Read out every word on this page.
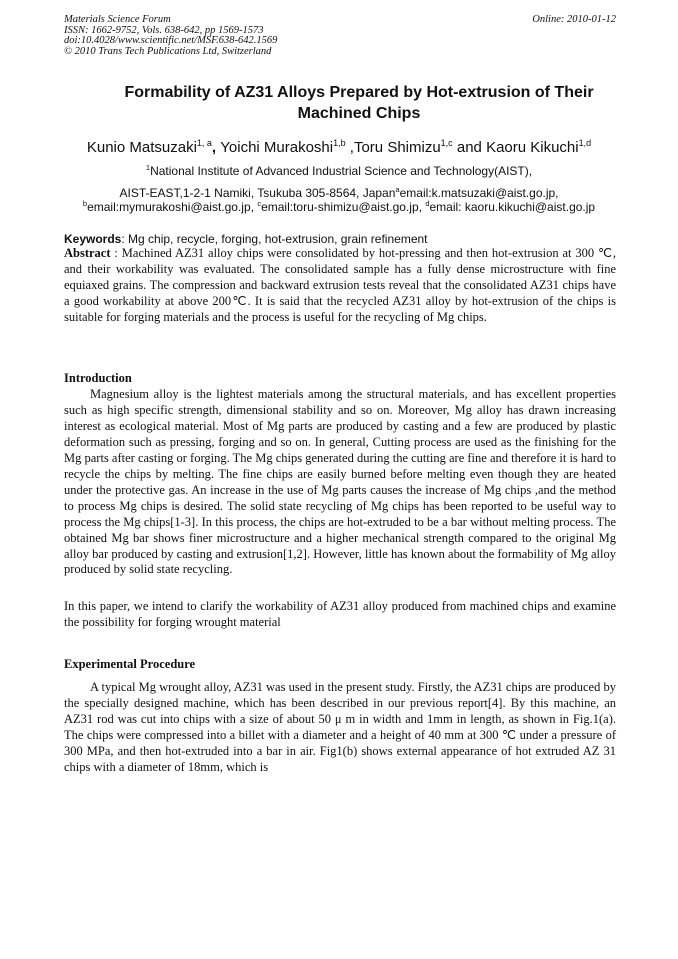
Materials Science Forum
ISSN: 1662-9752, Vols. 638-642, pp 1569-1573
doi:10.4028/www.scientific.net/MSF.638-642.1569
© 2010 Trans Tech Publications Ltd, Switzerland
Online: 2010-01-12
Formability of AZ31 Alloys Prepared by Hot-extrusion of Their
Machined Chips
Kunio Matsuzaki$^{1, a}$, Yoichi Murakoshi$^{1,b}$ ,Toru Shimizu$^{1,c}$ and Kaoru Kikuchi$^{1,d}$
$^1$National Institute of Advanced Industrial Science and Technology(AIST),
AIST-EAST,1-2-1 Namiki, Tsukuba 305-8564, Japan$^a$email:k.matsuzaki@aist.go.jp,
$^b$email:mymurakoshi@aist.go.jp, $^c$email:toru-shimizu@aist.go.jp, $^d$email: kaoru.kikuchi@aist.go.jp
Keywords: Mg chip, recycle, forging, hot-extrusion, grain refinement
Abstract : Machined AZ31 alloy chips were consolidated by hot-pressing and then hot-extrusion at 300 ℃, and their workability was evaluated. The consolidated sample has a fully dense microstructure with fine equiaxed grains. The compression and backward extrusion tests reveal that the consolidated AZ31 chips have a good workability at above 200℃. It is said that the recycled AZ31 alloy by hot-extrusion of the chips is suitable for forging materials and the process is useful for the recycling of Mg chips.
Introduction
Magnesium alloy is the lightest materials among the structural materials, and has excellent properties such as high specific strength, dimensional stability and so on. Moreover, Mg alloy has drawn increasing interest as ecological material. Most of Mg parts are produced by casting and a few are produced by plastic deformation such as pressing, forging and so on. In general, Cutting process are used as the finishing for the Mg parts after casting or forging. The Mg chips generated during the cutting are fine and therefore it is hard to recycle the chips by melting. The fine chips are easily burned before melting even though they are heated under the protective gas. An increase in the use of Mg parts causes the increase of Mg chips ,and the method to process Mg chips is desired. The solid state recycling of Mg chips has been reported to be useful way to process the Mg chips[1-3]. In this process, the chips are hot-extruded to be a bar without melting process. The obtained Mg bar shows finer microstructure and a higher mechanical strength compared to the original Mg alloy bar produced by casting and extrusion[1,2]. However, little has known about the formability of Mg alloy produced by solid state recycling.
In this paper, we intend to clarify the workability of AZ31 alloy produced from machined chips and examine the possibility for forging wrought material
Experimental Procedure
A typical Mg wrought alloy, AZ31 was used in the present study. Firstly, the AZ31 chips are produced by the specially designed machine, which has been described in our previous report[4]. By this machine, an AZ31 rod was cut into chips with a size of about 50 μ m in width and 1mm in length, as shown in Fig.1(a). The chips were compressed into a billet with a diameter and a height of 40 mm at 300 ℃ under a pressure of 300 MPa, and then hot-extruded into a bar in air. Fig1(b) shows external appearance of hot extruded AZ 31 chips with a diameter of 18mm, which is
